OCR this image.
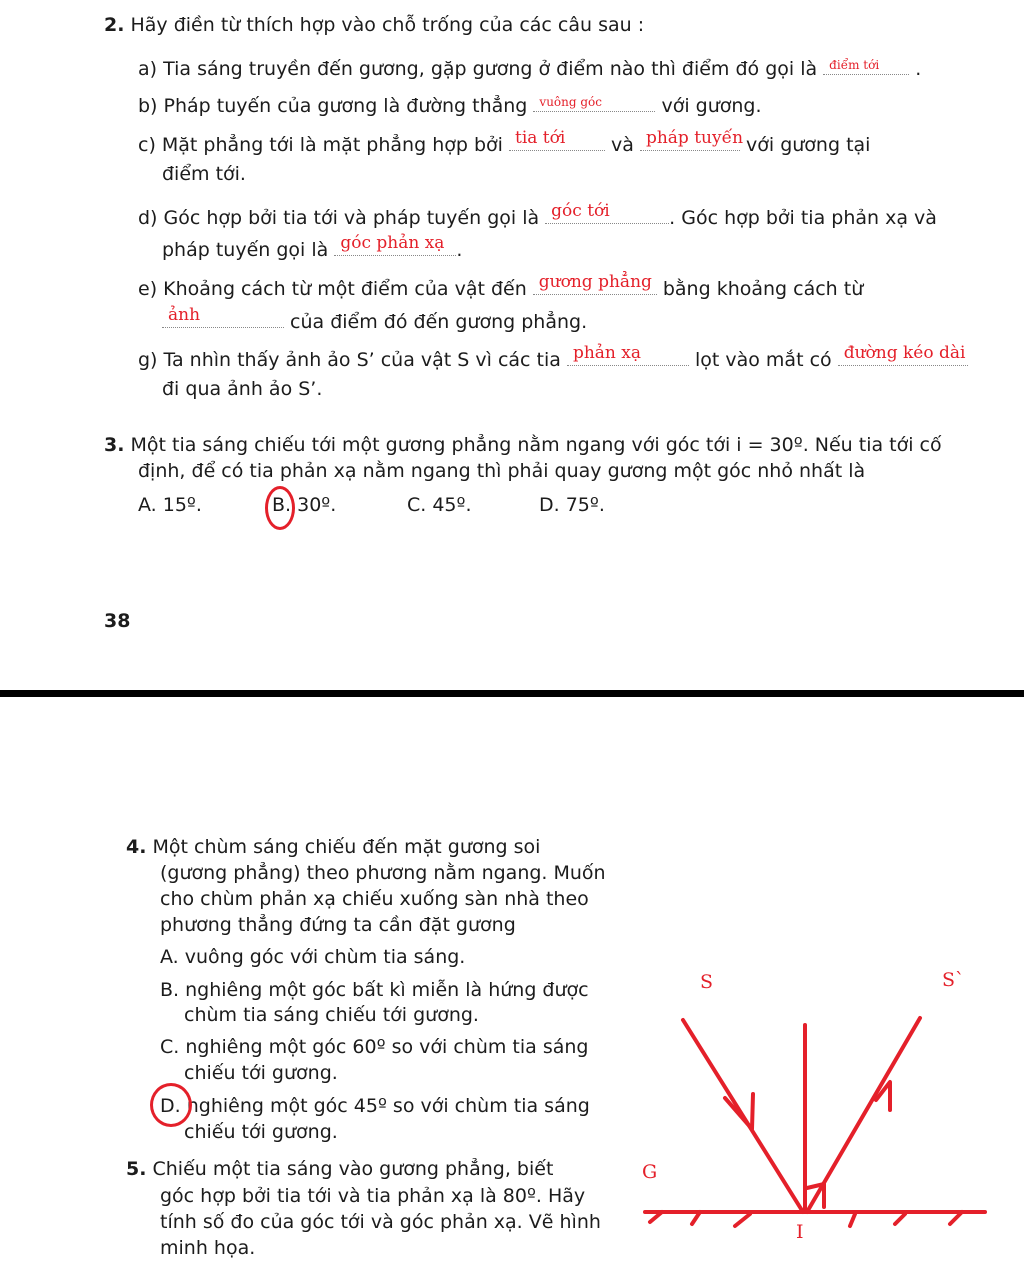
2. Hãy điền từ thích hợp vào chỗ trống của các câu sau :
a) Tia sáng truyền đến gương, gặp gương ở điểm nào thì điểm đó gọi là điểm tới .
b) Pháp tuyến của gương là đường thẳng vuông góc	với gương.
c) Mặt phẳng tới là mặt phẳng hợp bởi tia tới và pháp tuyến với gương tại
điểm tới.
d) Góc hợp bởi tia tới và pháp tuyến gọi là góc tới	. Góc hợp bởi tia phản xạ và
pháp tuyến gọi là góc phản xạ .
e) Khoảng cách từ một điểm của vật đến gương phẳng bằng khoảng cách từ
ảnh	của điểm đó đến gương phẳng.
g) Ta nhìn thấy ảnh ảo S’ của vật S vì các tia phản xạ	lọt vào mắt có đường kéo dài
đi qua ảnh ảo S’.
3. Một tia sáng chiếu tới một gương phẳng nằm ngang với góc tới i = 30º. Nếu tia tới cố
định, để có tia phản xạ nằm ngang thì phải quay gương một góc nhỏ nhất là
A. 15º.	B. 30º.	C. 45º.	D. 75º.
38
4. Một chùm sáng chiếu đến mặt gương soi
(gương phẳng) theo phương nằm ngang. Muốn
cho chùm phản xạ chiếu xuống sàn nhà theo
phương thẳng đứng ta cần đặt gương
A. vuông góc với chùm tia sáng.
B. nghiêng một góc bất kì miễn là hứng được
chùm tia sáng chiếu tới gương.
C. nghiêng một góc 60º so với chùm tia sáng
chiếu tới gương.
D. nghiêng một góc 45º so với chùm tia sáng
chiếu tới gương.
5. Chiếu một tia sáng vào gương phẳng, biết
góc hợp bởi tia tới và tia phản xạ là 80º. Hãy
tính số đo của góc tới và góc phản xạ. Vẽ hình
minh họa.
S	S`
G
I
